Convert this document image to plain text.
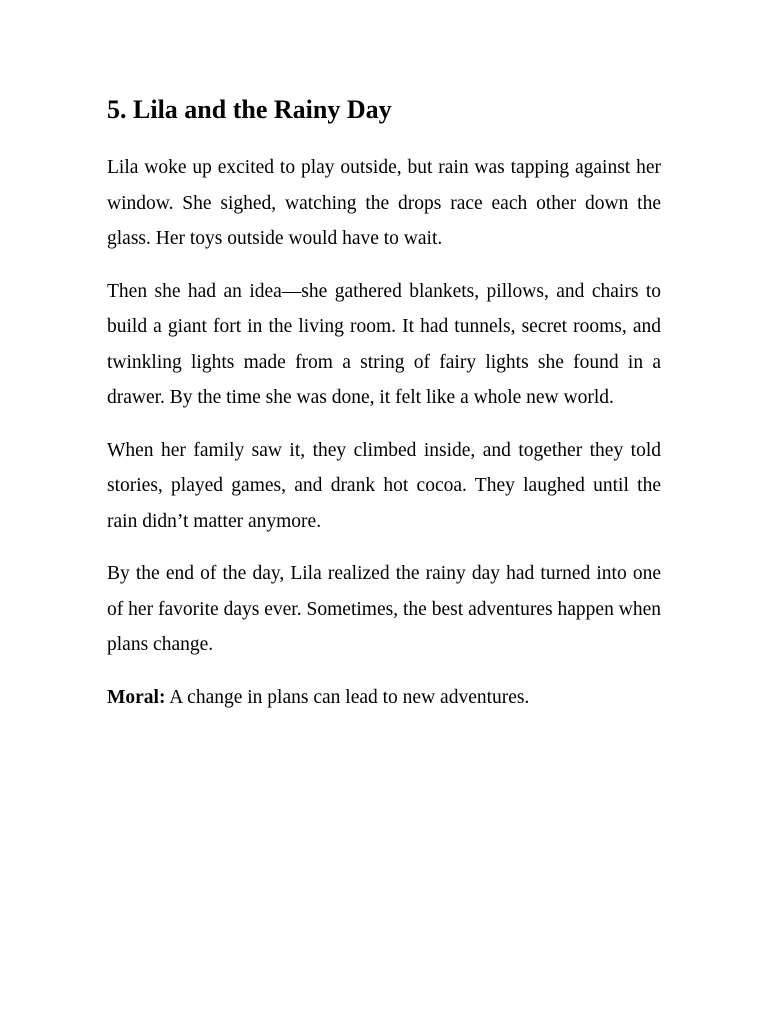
5. Lila and the Rainy Day

Lila woke up excited to play outside, but rain was tapping against her window. She sighed, watching the drops race each other down the glass. Her toys outside would have to wait.

Then she had an idea—she gathered blankets, pillows, and chairs to build a giant fort in the living room. It had tunnels, secret rooms, and twinkling lights made from a string of fairy lights she found in a drawer. By the time she was done, it felt like a whole new world.

When her family saw it, they climbed inside, and together they told stories, played games, and drank hot cocoa. They laughed until the rain didn’t matter anymore.

By the end of the day, Lila realized the rainy day had turned into one of her favorite days ever. Sometimes, the best adventures happen when plans change.

Moral: A change in plans can lead to new adventures.
